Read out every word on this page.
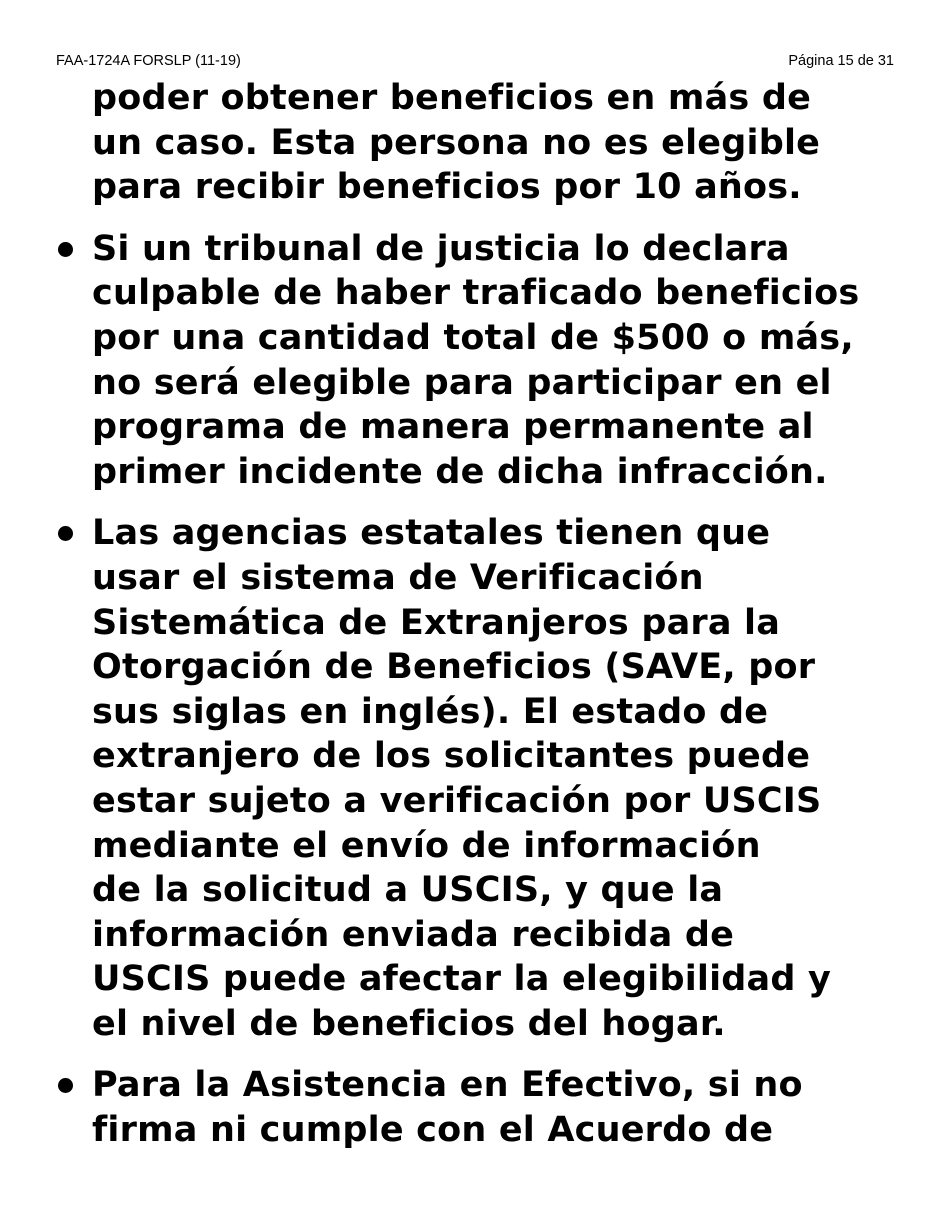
FAA-1724A FORSLP (11-19)	Página 15 de 31
poder obtener beneficios en más de
un caso. Esta persona no es elegible
para recibir beneficios por 10 años.
Si un tribunal de justicia lo declara
culpable de haber traficado beneficios
por una cantidad total de $500 o más,
no será elegible para participar en el
programa de manera permanente al
primer incidente de dicha infracción.
Las agencias estatales tienen que
usar el sistema de Verificación
Sistemática de Extranjeros para la
Otorgación de Beneficios (SAVE, por
sus siglas en inglés). El estado de
extranjero de los solicitantes puede
estar sujeto a verificación por USCIS
mediante el envío de información
de la solicitud a USCIS, y que la
información enviada recibida de
USCIS puede afectar la elegibilidad y
el nivel de beneficios del hogar.
Para la Asistencia en Efectivo, si no
firma ni cumple con el Acuerdo de
